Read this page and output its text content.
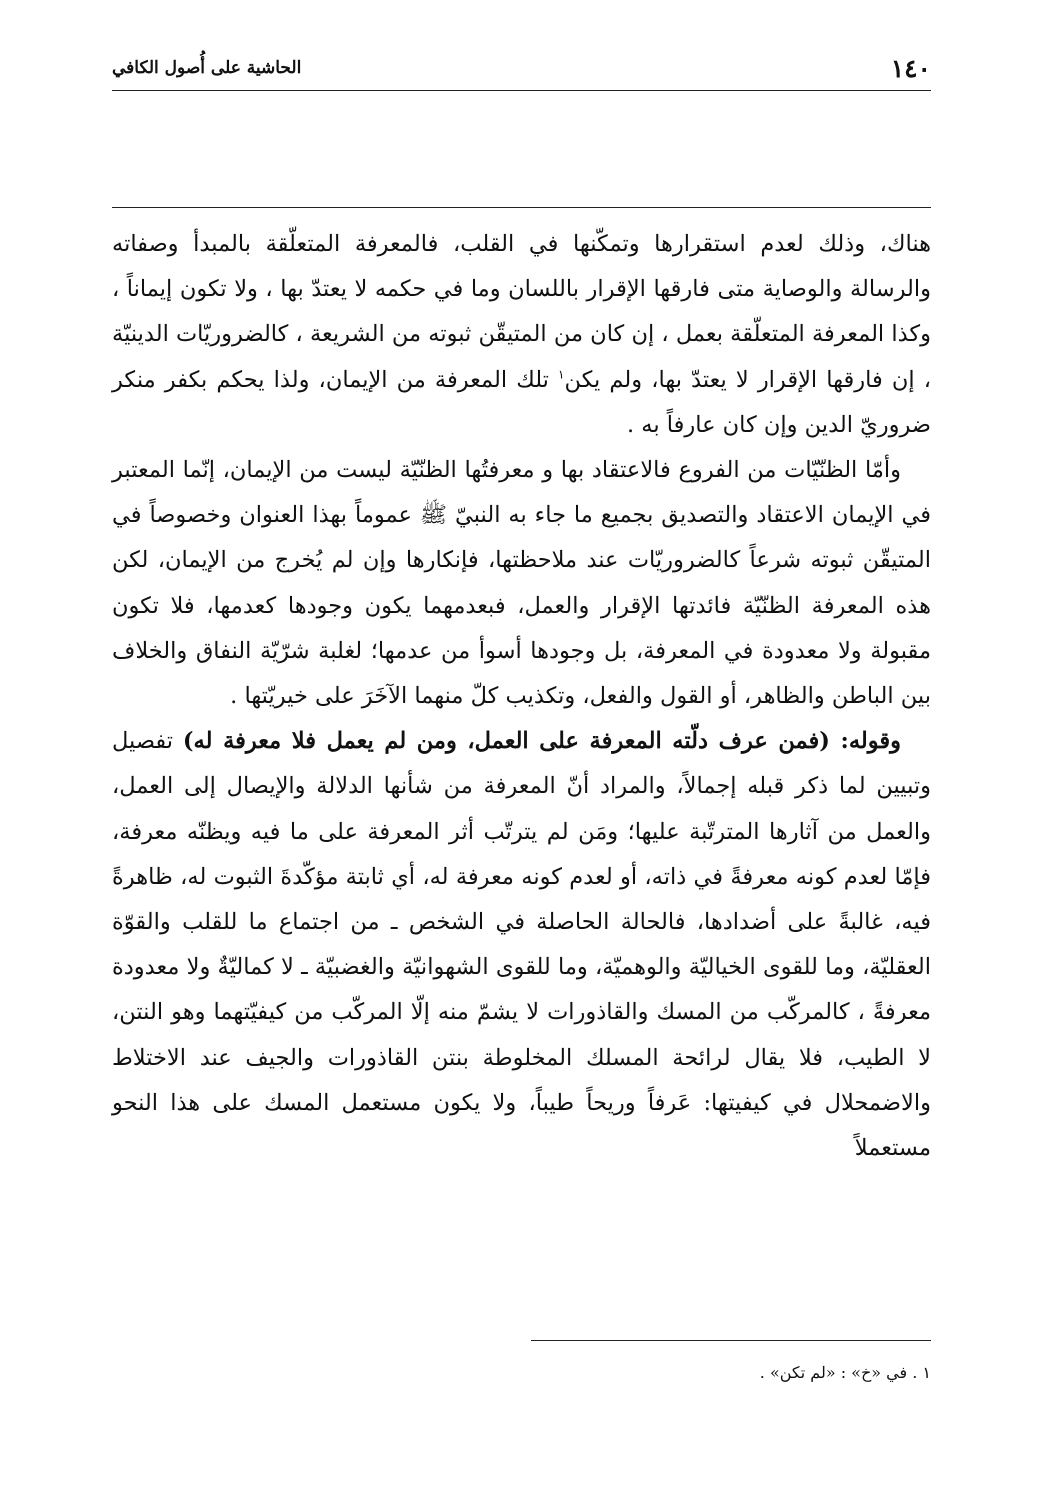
١٤٠
الحاشية على أُصول الكافي

هناك، وذلك لعدم استقرارها وتمكّنها في القلب، فالمعرفة المتعلّقة بالمبدأ وصفاته والرسالة والوصاية متى فارقها الإقرار باللسان وما في حكمه لا يعتدّ بها ، ولا تكون إيماناً ، وكذا المعرفة المتعلّقة بعمل ، إن كان من المتيقّن ثبوته من الشريعة ، كالضروريّات الدينيّة ، إن فارقها الإقرار لا يعتدّ بها، ولم يكن$^١$ تلك المعرفة من الإيمان، ولذا يحكم بكفر منكر ضروريّ الدين وإن كان عارفاً به .

وأمّا الظنّيّات من الفروع فالاعتقاد بها و معرفتُها الظنّيّة ليست من الإيمان، إنّما المعتبر في الإيمان الاعتقاد والتصديق بجميع ما جاء به النبيّ ﷺ عموماً بهذا العنوان وخصوصاً في المتيقّن ثبوته شرعاً كالضروريّات عند ملاحظتها، فإنكارها وإن لم يُخرج من الإيمان، لكن هذه المعرفة الظنّيّة فائدتها الإقرار والعمل، فبعدمهما يكون وجودها كعدمها، فلا تكون مقبولة ولا معدودة في المعرفة، بل وجودها أسوأ من عدمها؛ لغلبة شرّيّة النفاق والخلاف بين الباطن والظاهر، أو القول والفعل، وتكذيب كلّ منهما الآخَرَ على خيريّتها .

وقوله: (فمن عرف دلّته المعرفة على العمل، ومن لم يعمل فلا معرفة له) تفصيل وتبيين لما ذكر قبله إجمالاً، والمراد أنّ المعرفة من شأنها الدلالة والإيصال إلى العمل، والعمل من آثارها المترتّبة عليها؛ ومَن لم يترتّب أثر المعرفة على ما فيه ويظنّه معرفة، فإمّا لعدم كونه معرفةً في ذاته، أو لعدم كونه معرفة له، أي ثابتة مؤكّدةَ الثبوت له، ظاهرةً فيه، غالبةً على أضدادها، فالحالة الحاصلة في الشخص ـ من اجتماع ما للقلب والقوّة العقليّة، وما للقوى الخياليّة والوهميّة، وما للقوى الشهوانيّة والغضبيّة ـ لا كماليّةٌ ولا معدودة معرفةً ، كالمركّب من المسك والقاذورات لا يشمّ منه إلّا المركّب من كيفيّتهما وهو النتن، لا الطيب، فلا يقال لرائحة المسلك المخلوطة بنتن القاذورات والجيف عند الاختلاط والاضمحلال في كيفيتها: عَرفاً وريحاً طيباً، ولا يكون مستعمل المسك على هذا النحو مستعملاً

١ . في «خ» : «لم تكن» .
